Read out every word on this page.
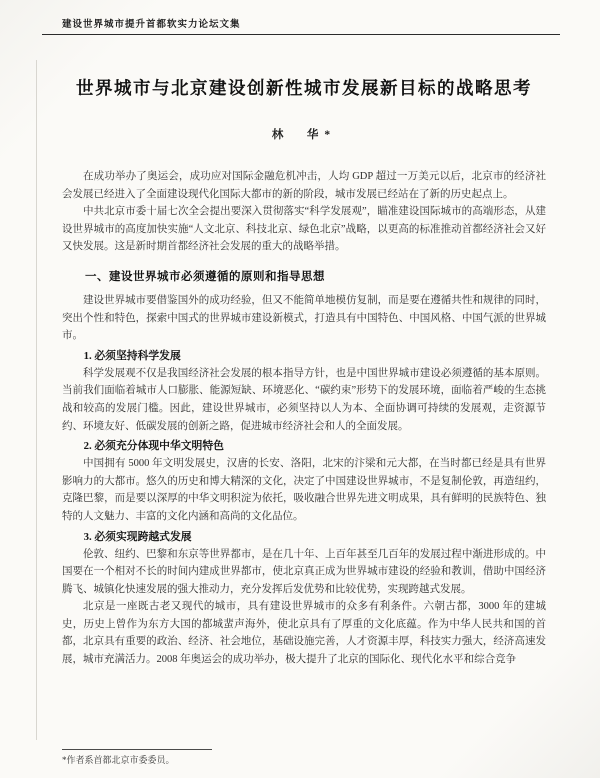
建设世界城市提升首都软实力论坛文集
世界城市与北京建设创新性城市发展新目标的战略思考
林　华*

在成功举办了奥运会，成功应对国际金融危机冲击，人均 GDP 超过一万美元以后，北京市的经济社会发展已经进入了全面建设现代化国际大都市的新的阶段，城市发展已经站在了新的历史起点上。

中共北京市委十届七次全会提出要深入贯彻落实“科学发展观”，瞄准建设国际城市的高端形态，从建设世界城市的高度加快实施“人文北京、科技北京、绿色北京”战略，以更高的标准推动首都经济社会又好又快发展。这是新时期首都经济社会发展的重大的战略举措。

一、建设世界城市必须遵循的原则和指导思想

建设世界城市要借鉴国外的成功经验，但又不能简单地模仿复制，而是要在遵循共性和规律的同时，突出个性和特色，探索中国式的世界城市建设新模式，打造具有中国特色、中国风格、中国气派的世界城市。

1. 必须坚持科学发展

科学发展观不仅是我国经济社会发展的根本指导方针，也是中国世界城市建设必须遵循的基本原则。当前我们面临着城市人口膨胀、能源短缺、环境恶化、“碳约束”形势下的发展环境，面临着严峻的生态挑战和较高的发展门槛。因此，建设世界城市，必须坚持以人为本、全面协调可持续的发展观，走资源节约、环境友好、低碳发展的创新之路，促进城市经济社会和人的全面发展。

2. 必须充分体现中华文明特色

中国拥有 5000 年文明发展史，汉唐的长安、洛阳，北宋的汴梁和元大都，在当时都已经是具有世界影响力的大都市。悠久的历史和博大精深的文化，决定了中国建设世界城市，不是复制伦敦，再造纽约，克隆巴黎，而是要以深厚的中华文明积淀为依托，吸收融合世界先进文明成果，具有鲜明的民族特色、独特的人文魅力、丰富的文化内涵和高尚的文化品位。

3. 必须实现跨越式发展

伦敦、纽约、巴黎和东京等世界都市，是在几十年、上百年甚至几百年的发展过程中渐进形成的。中国要在一个相对不长的时间内建成世界都市，使北京真正成为世界城市建设的经验和教训，借助中国经济腾飞、城镇化快速发展的强大推动力，充分发挥后发优势和比较优势，实现跨越式发展。

北京是一座既古老又现代的城市，具有建设世界城市的众多有利条件。六朝古都，3000 年的建城史，历史上曾作为东方大国的都城蜚声海外，使北京具有了厚重的文化底蕴。作为中华人民共和国的首都，北京具有重要的政治、经济、社会地位，基础设施完善，人才资源丰厚，科技实力强大，经济高速发展，城市充满活力。2008 年奥运会的成功举办，极大提升了北京的国际化、现代化水平和综合竞争

*作者系首都北京市委委员。
